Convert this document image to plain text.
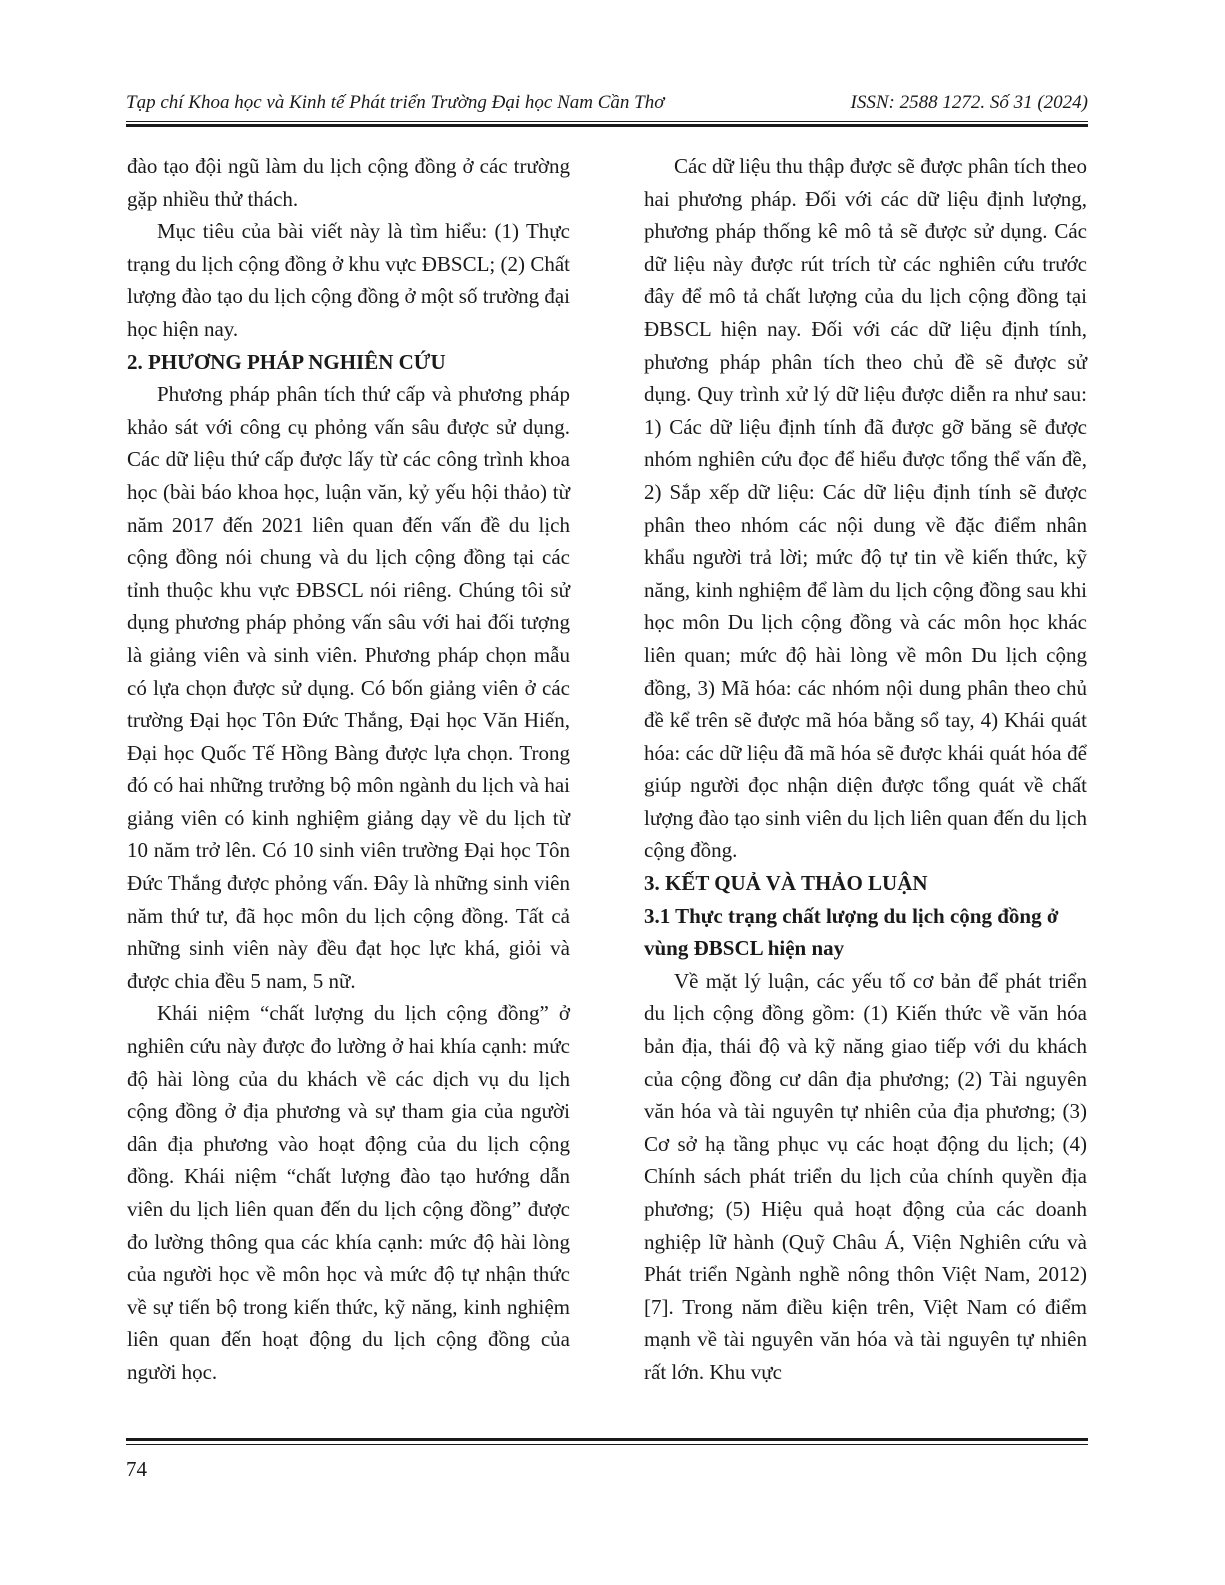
Tạp chí Khoa học và Kinh tế Phát triển Trường Đại học Nam Cần Thơ	ISSN: 2588 1272. Số 31 (2024)

đào tạo đội ngũ làm du lịch cộng đồng ở các trường gặp nhiều thử thách.

Mục tiêu của bài viết này là tìm hiểu: (1) Thực trạng du lịch cộng đồng ở khu vực ĐBSCL; (2) Chất lượng đào tạo du lịch cộng đồng ở một số trường đại học hiện nay.

2. PHƯƠNG PHÁP NGHIÊN CỨU

Phương pháp phân tích thứ cấp và phương pháp khảo sát với công cụ phỏng vấn sâu được sử dụng. Các dữ liệu thứ cấp được lấy từ các công trình khoa học (bài báo khoa học, luận văn, kỷ yếu hội thảo) từ năm 2017 đến 2021 liên quan đến vấn đề du lịch cộng đồng nói chung và du lịch cộng đồng tại các tỉnh thuộc khu vực ĐBSCL nói riêng. Chúng tôi sử dụng phương pháp phỏng vấn sâu với hai đối tượng là giảng viên và sinh viên. Phương pháp chọn mẫu có lựa chọn được sử dụng. Có bốn giảng viên ở các trường Đại học Tôn Đức Thắng, Đại học Văn Hiến, Đại học Quốc Tế Hồng Bàng được lựa chọn. Trong đó có hai những trưởng bộ môn ngành du lịch và hai giảng viên có kinh nghiệm giảng dạy về du lịch từ 10 năm trở lên. Có 10 sinh viên trường Đại học Tôn Đức Thắng được phỏng vấn. Đây là những sinh viên năm thứ tư, đã học môn du lịch cộng đồng. Tất cả những sinh viên này đều đạt học lực khá, giỏi và được chia đều 5 nam, 5 nữ.

Khái niệm “chất lượng du lịch cộng đồng” ở nghiên cứu này được đo lường ở hai khía cạnh: mức độ hài lòng của du khách về các dịch vụ du lịch cộng đồng ở địa phương và sự tham gia của người dân địa phương vào hoạt động của du lịch cộng đồng. Khái niệm “chất lượng đào tạo hướng dẫn viên du lịch liên quan đến du lịch cộng đồng” được đo lường thông qua các khía cạnh: mức độ hài lòng của người học về môn học và mức độ tự nhận thức về sự tiến bộ trong kiến thức, kỹ năng, kinh nghiệm liên quan đến hoạt động du lịch cộng đồng của người học.

Các dữ liệu thu thập được sẽ được phân tích theo hai phương pháp. Đối với các dữ liệu định lượng, phương pháp thống kê mô tả sẽ được sử dụng. Các dữ liệu này được rút trích từ các nghiên cứu trước đây để mô tả chất lượng của du lịch cộng đồng tại ĐBSCL hiện nay. Đối với các dữ liệu định tính, phương pháp phân tích theo chủ đề sẽ được sử dụng. Quy trình xử lý dữ liệu được diễn ra như sau: 1) Các dữ liệu định tính đã được gỡ băng sẽ được nhóm nghiên cứu đọc để hiểu được tổng thể vấn đề, 2) Sắp xếp dữ liệu: Các dữ liệu định tính sẽ được phân theo nhóm các nội dung về đặc điểm nhân khẩu người trả lời; mức độ tự tin về kiến thức, kỹ năng, kinh nghiệm để làm du lịch cộng đồng sau khi học môn Du lịch cộng đồng và các môn học khác liên quan; mức độ hài lòng về môn Du lịch cộng đồng, 3) Mã hóa: các nhóm nội dung phân theo chủ đề kể trên sẽ được mã hóa bằng sổ tay, 4) Khái quát hóa: các dữ liệu đã mã hóa sẽ được khái quát hóa để giúp người đọc nhận diện được tổng quát về chất lượng đào tạo sinh viên du lịch liên quan đến du lịch cộng đồng.

3. KẾT QUẢ VÀ THẢO LUẬN
3.1 Thực trạng chất lượng du lịch cộng đồng ở vùng ĐBSCL hiện nay

Về mặt lý luận, các yếu tố cơ bản để phát triển du lịch cộng đồng gồm: (1) Kiến thức về văn hóa bản địa, thái độ và kỹ năng giao tiếp với du khách của cộng đồng cư dân địa phương; (2) Tài nguyên văn hóa và tài nguyên tự nhiên của địa phương; (3) Cơ sở hạ tầng phục vụ các hoạt động du lịch; (4) Chính sách phát triển du lịch của chính quyền địa phương; (5) Hiệu quả hoạt động của các doanh nghiệp lữ hành (Quỹ Châu Á, Viện Nghiên cứu và Phát triển Ngành nghề nông thôn Việt Nam, 2012) [7]. Trong năm điều kiện trên, Việt Nam có điểm mạnh về tài nguyên văn hóa và tài nguyên tự nhiên rất lớn. Khu vực

74
